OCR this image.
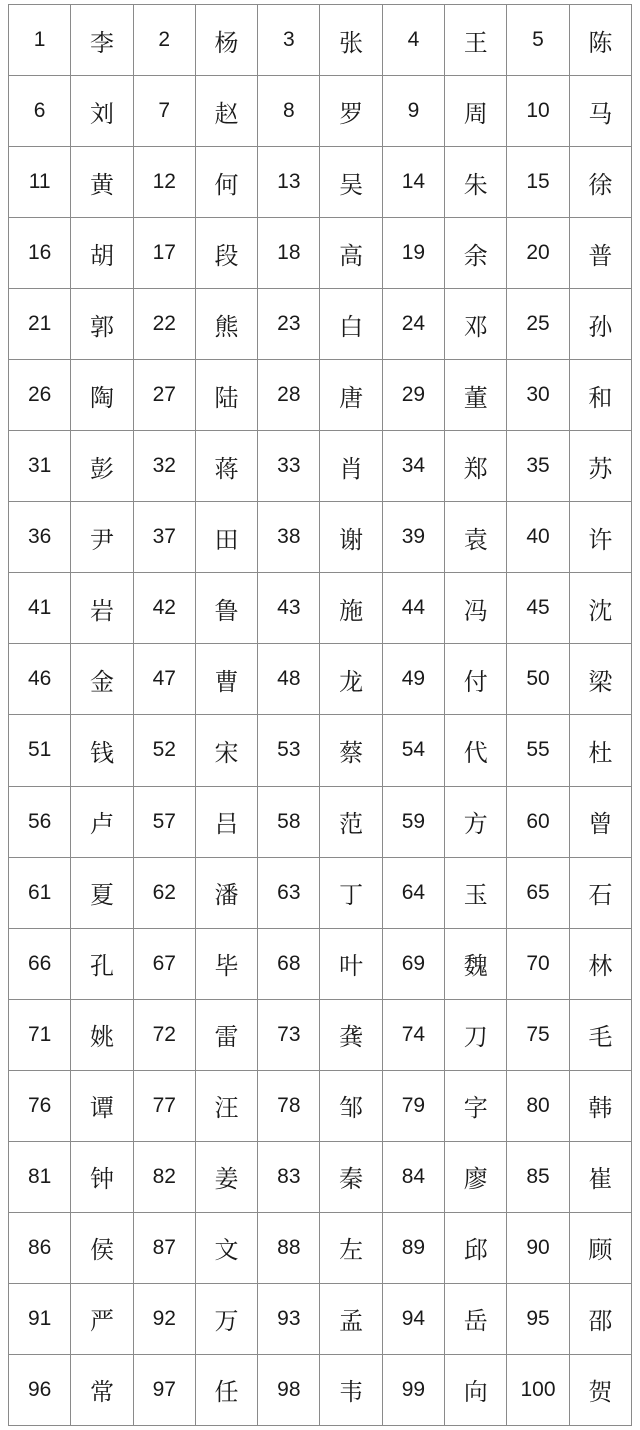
1	李	2	杨	3	张	4	王	5	陈
6	刘	7	赵	8	罗	9	周	10	马
11	黄	12	何	13	吴	14	朱	15	徐
16	胡	17	段	18	高	19	余	20	普
21	郭	22	熊	23	白	24	邓	25	孙
26	陶	27	陆	28	唐	29	董	30	和
31	彭	32	蒋	33	肖	34	郑	35	苏
36	尹	37	田	38	谢	39	袁	40	许
41	岩	42	鲁	43	施	44	冯	45	沈
46	金	47	曹	48	龙	49	付	50	梁
51	钱	52	宋	53	蔡	54	代	55	杜
56	卢	57	吕	58	范	59	方	60	曾
61	夏	62	潘	63	丁	64	玉	65	石
66	孔	67	毕	68	叶	69	魏	70	林
71	姚	72	雷	73	龚	74	刀	75	毛
76	谭	77	汪	78	邹	79	字	80	韩
81	钟	82	姜	83	秦	84	廖	85	崔
86	侯	87	文	88	左	89	邱	90	顾
91	严	92	万	93	孟	94	岳	95	邵
96	常	97	任	98	韦	99	向	100	贺
